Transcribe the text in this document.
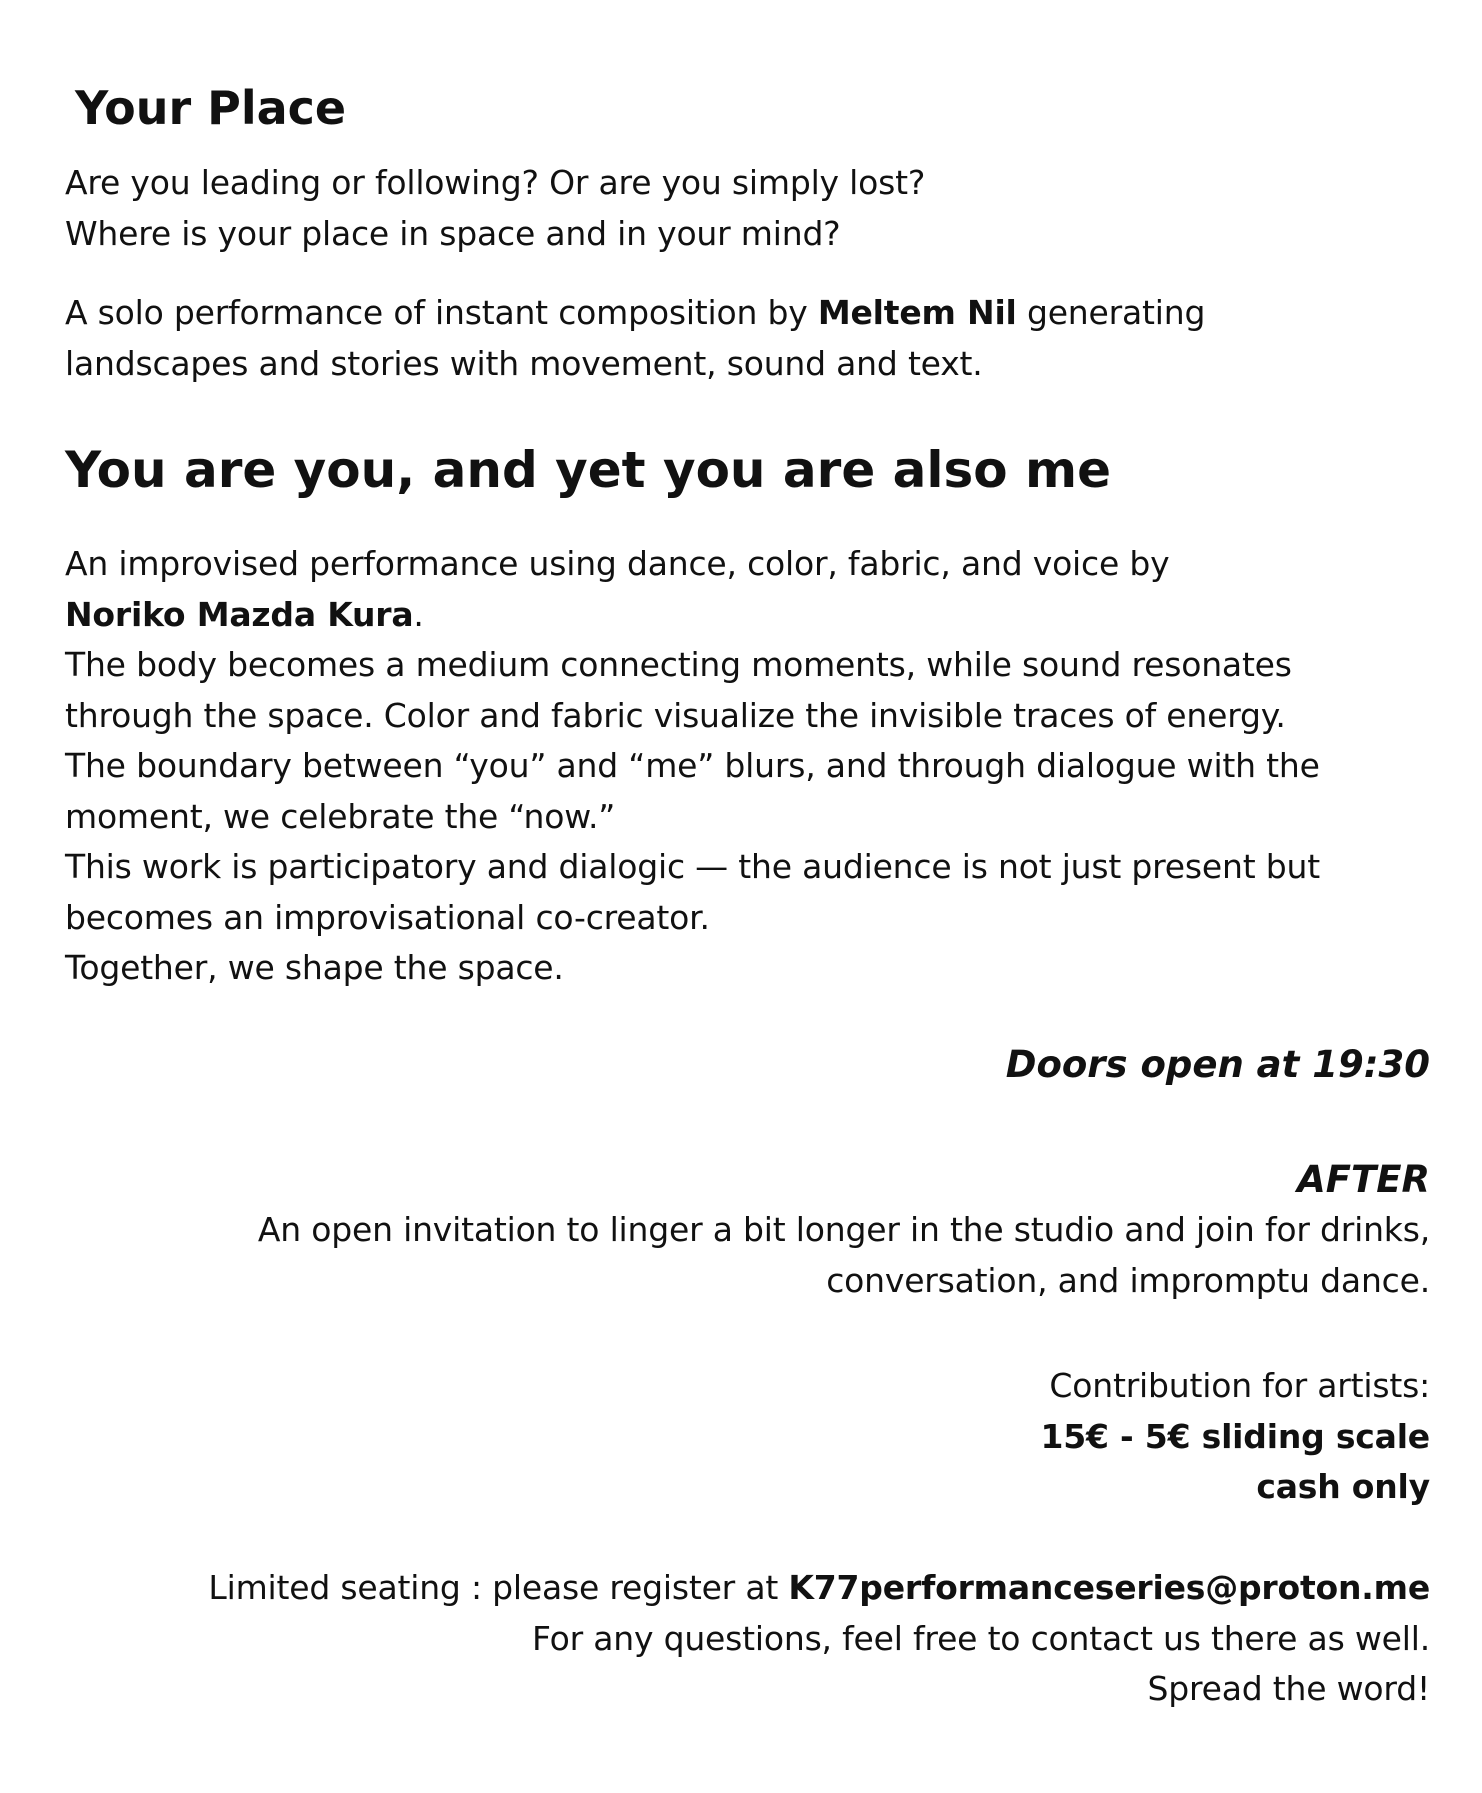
Your Place

Are you leading or following? Or are you simply lost?
Where is your place in space and in your mind?

A solo performance of instant composition by Meltem Nil generating
landscapes and stories with movement, sound and text.

You are you, and yet you are also me

An improvised performance using dance, color, fabric, and voice by
Noriko Mazda Kura.
The body becomes a medium connecting moments, while sound resonates
through the space. Color and fabric visualize the invisible traces of energy.
The boundary between “you” and “me” blurs, and through dialogue with the
moment, we celebrate the “now.”
This work is participatory and dialogic — the audience is not just present but
becomes an improvisational co-creator.
Together, we shape the space.

Doors open at 19:30
AFTER

An open invitation to linger a bit longer in the studio and join for drinks,
conversation, and impromptu dance.

Contribution for artists:
15€ - 5€ sliding scale
cash only

Limited seating : please register at K77performanceseries@proton.me
For any questions, feel free to contact us there as well.
Spread the word!
